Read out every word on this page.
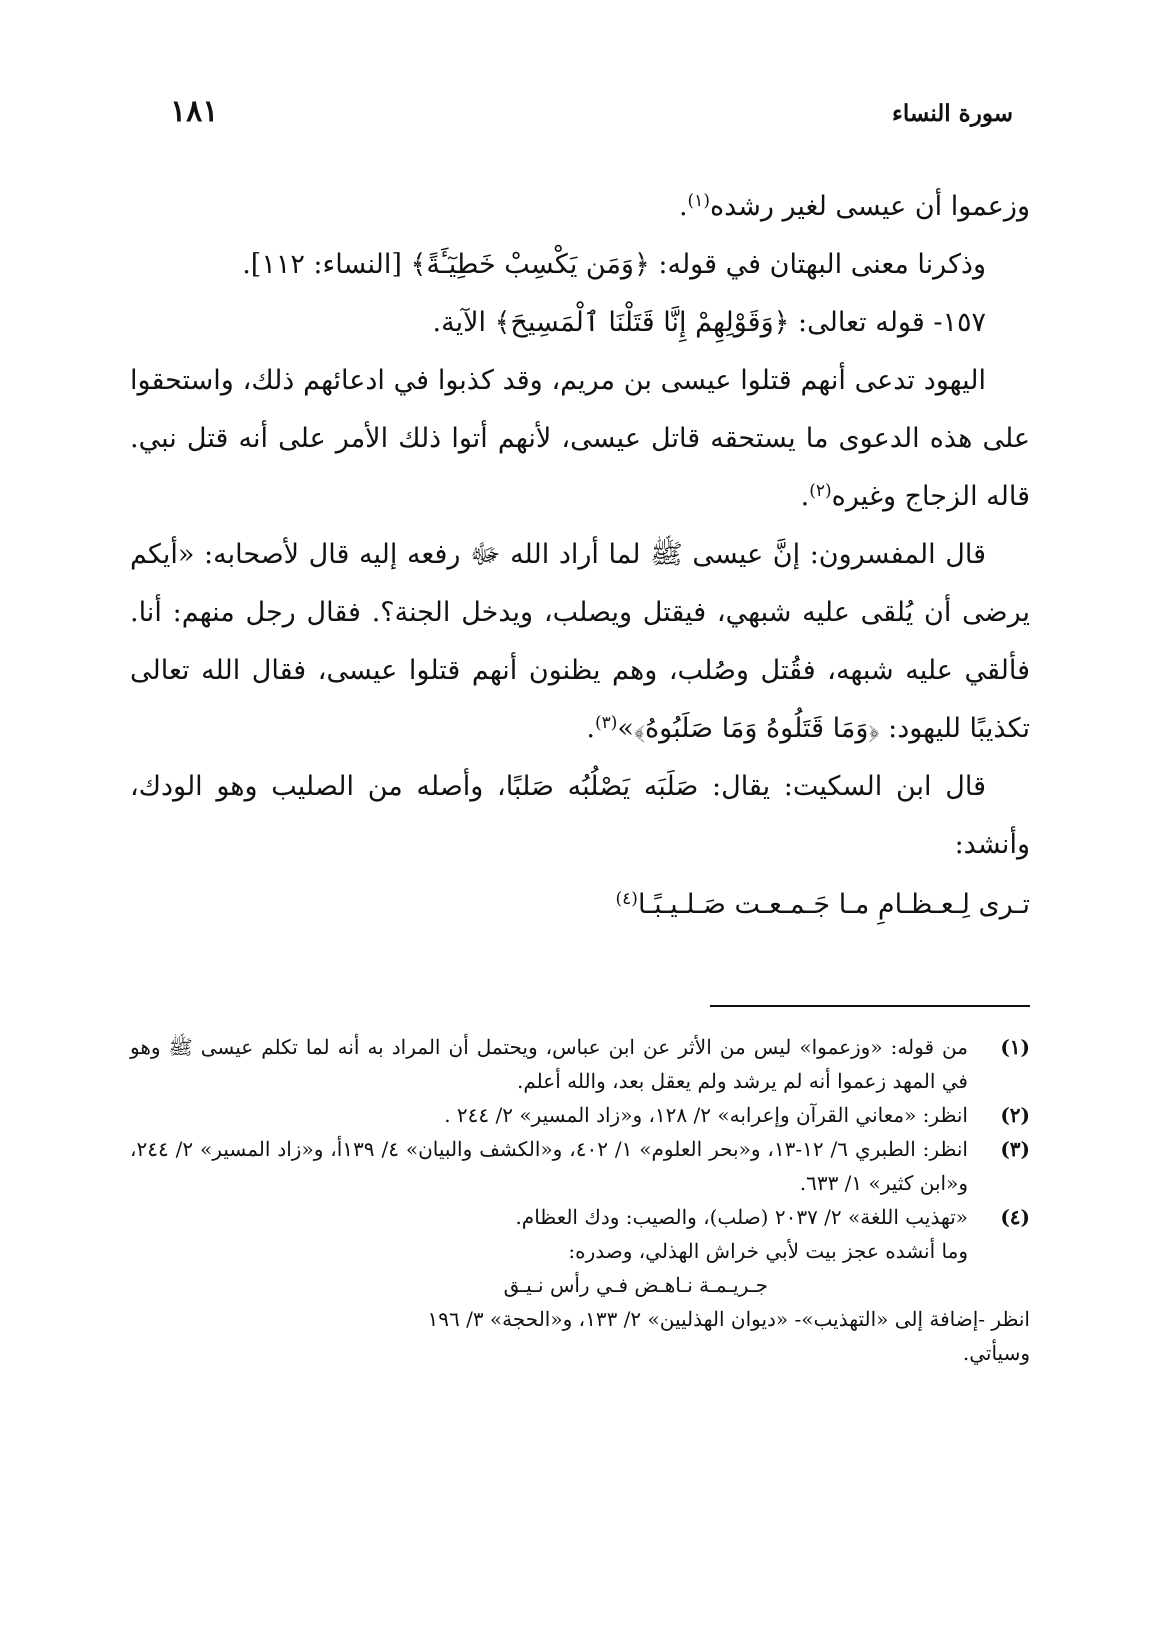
سورة النساء
١٨١

وزعموا أن عيسى لغير رشده$^{(١)}$.

وذكرنا معنى البهتان في قوله: ﴿وَمَن يَكْسِبْ خَطِيٓـَٔةً﴾ [النساء: ١١٢].

١٥٧- قوله تعالى: ﴿وَقَوْلِهِمْ إِنَّا قَتَلْنَا ٱلْمَسِيحَ﴾ الآية.

اليهود تدعى أنهم قتلوا عيسى بن مريم، وقد كذبوا في ادعائهم ذلك، واستحقوا على هذه الدعوى ما يستحقه قاتل عيسى، لأنهم أتوا ذلك الأمر على أنه قتل نبي. قاله الزجاج وغيره$^{(٢)}$.

قال المفسرون: إنَّ عيسى ﷺ لما أراد الله ﷻ رفعه إليه قال لأصحابه: «أيكم يرضى أن يُلقى عليه شبهي، فيقتل ويصلب، ويدخل الجنة؟. فقال رجل منهم: أنا. فألقي عليه شبهه، فقُتل وصُلب، وهم يظنون أنهم قتلوا عيسى، فقال الله تعالى تكذيبًا لليهود: ﴿وَمَا قَتَلُوهُ وَمَا صَلَبُوهُ﴾»$^{(٣)}$.

قال ابن السكيت: يقال: صَلَبَه يَصْلُبُه صَلبًا، وأصله من الصليب وهو الودك، وأنشد:

تـرى لِـعـظـامِ مـا جَـمـعـت صَـلـيـبًـا$^{(٤)}$

(١)
من قوله: «وزعموا» ليس من الأثر عن ابن عباس، ويحتمل أن المراد به أنه لما تكلم عيسى ﷺ وهو في المهد زعموا أنه لم يرشد ولم يعقل بعد، والله أعلم.
(٢)
انظر: «معاني القرآن وإعرابه» ٢/ ١٢٨، و«زاد المسير» ٢/ ٢٤٤ .
(٣)
انظر: الطبري ٦/ ١٢-١٣، و«بحر العلوم» ١/ ٤٠٢، و«الكشف والبيان» ٤/ ١٣٩أ، و«زاد المسير» ٢/ ٢٤٤، و«ابن كثير» ١/ ٦٣٣.
(٤)
«تهذيب اللغة» ٢/ ٢٠٣٧ (صلب)، والصيب: ودك العظام.
وما أنشده عجز بيت لأبي خراش الهذلي، وصدره:
جـريـمـة نـاهـض فـي رأس نـيـق
انظر -إضافة إلى «التهذيب»- «ديوان الهذليين» ٢/ ١٣٣، و«الحجة» ٣/ ١٩٦
وسيأتي.
